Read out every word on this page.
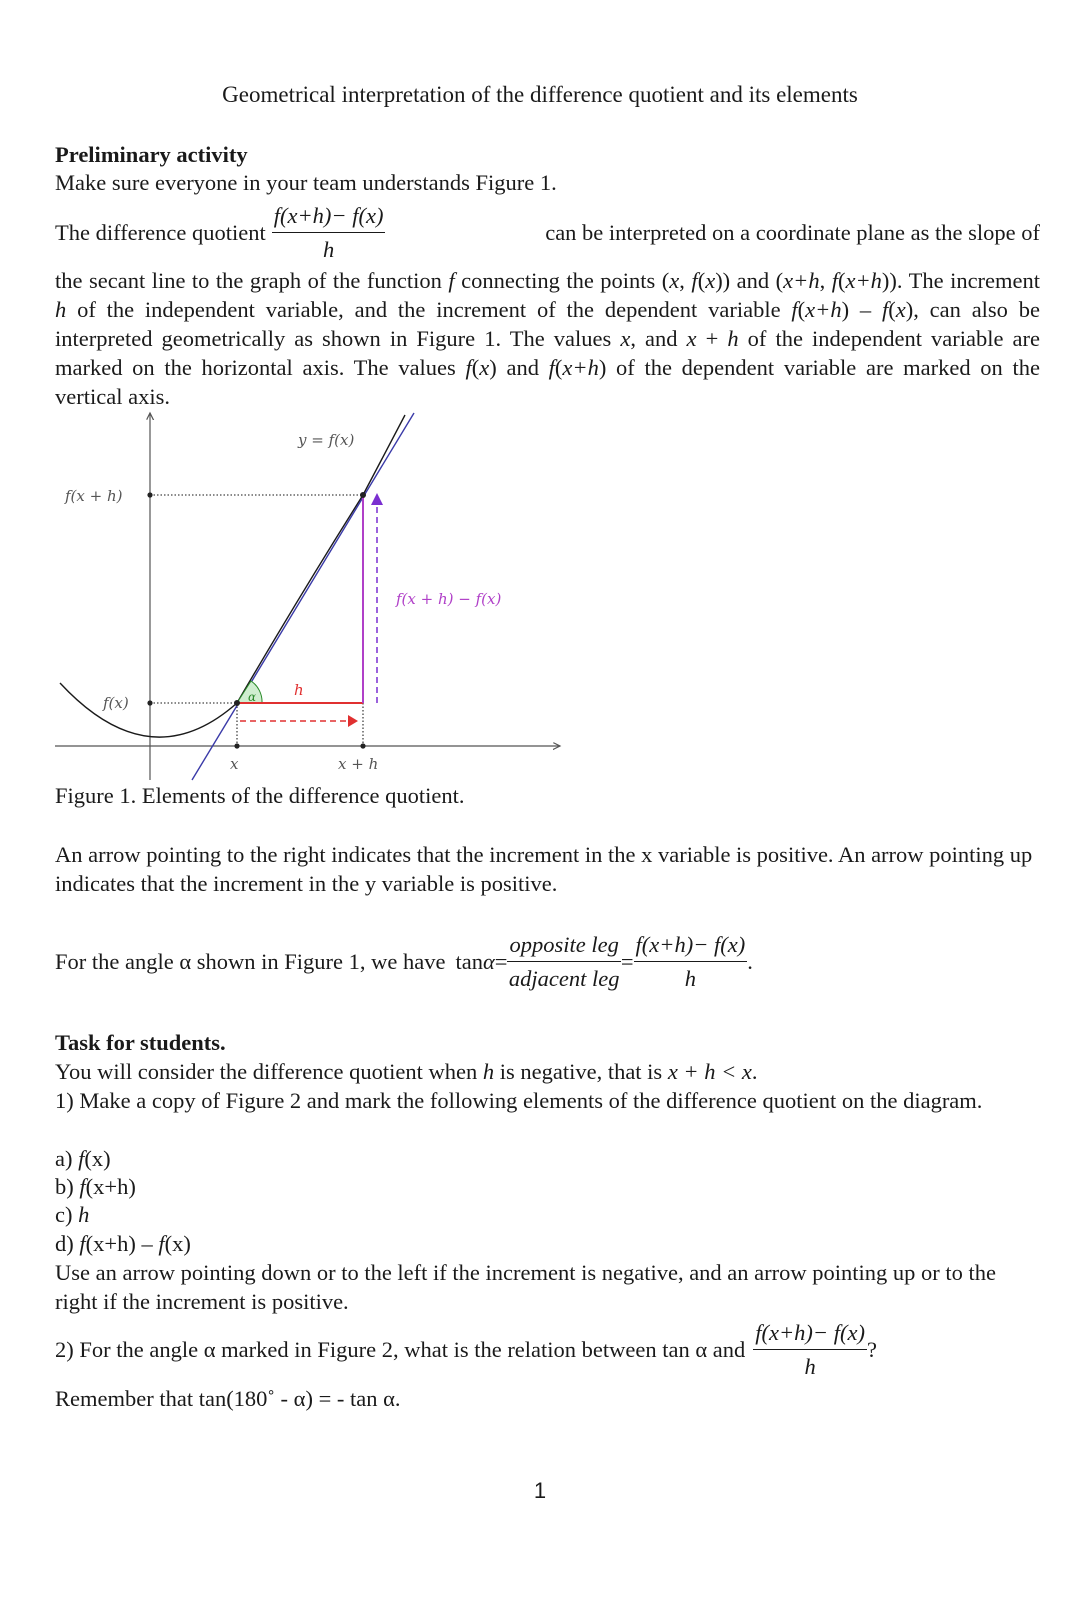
Geometrical interpretation of the difference quotient and its elements
Preliminary activity
Make sure everyone in your team understands Figure 1.
The difference quotient $\frac{f(x+h)- f(x)}{h}$	can be interpreted on a coordinate plane as the slope of
the secant line to the graph of the function f connecting the points (x, f(x)) and (x+h, f(x+h)). The increment h of the independent variable, and the increment of the dependent variable f(x+h) – f(x), can also be interpreted geometrically as shown in Figure 1. The values x, and x + h of the independent variable are marked on the horizontal axis. The values f(x) and f(x+h) of the dependent variable are marked on the vertical axis.
y = f(x)
f(x + h)
f(x)
f(x + h) − f(x)
h
α
x	x + h
Figure 1. Elements of the difference quotient.
An arrow pointing to the right indicates that the increment in the x variable is positive. An arrow pointing up indicates that the increment in the y variable is positive.
For the angle α shown in Figure 1, we have $\tan \alpha = \frac{\text{opposite leg}}{\text{adjacent leg}} = \frac{f(x+h)- f(x)}{h}$ .
Task for students.
You will consider the difference quotient when h is negative, that is x + h < x.
1) Make a copy of Figure 2 and mark the following elements of the difference quotient on the diagram.
a) f(x)
b) f(x+h)
c) h
d) f(x+h) – f(x)
Use an arrow pointing down or to the left if the increment is negative, and an arrow pointing up or to the right if the increment is positive.
2) For the angle α marked in Figure 2, what is the relation between tan α and $\frac{f(x+h)- f(x)}{h}$ ?
Remember that tan(180˚ - α) = - tan α.
1
